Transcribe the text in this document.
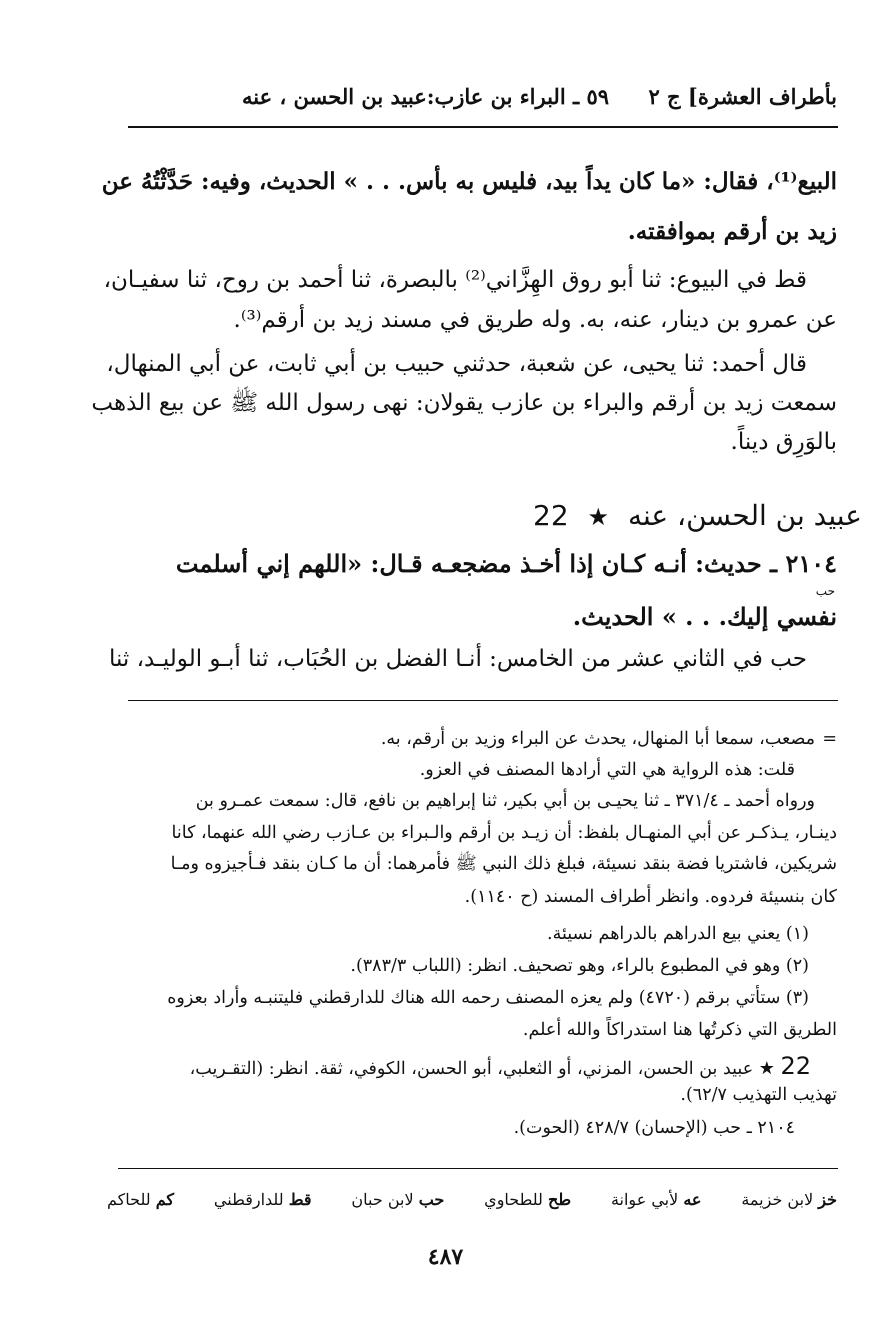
بأطراف العشرة] ج ٢
٥٩ ـ البراء بن عازب:عبيد بن الحسن ، عنه
البيع⁽¹⁾، فقال: «ما كان يداً بيد، فليس به بأس. . . » الحديث، وفيه: حَدَّثْتُهُ عن
زيد بن أرقم بموافقته.
قط في البيوع: ثنا أبو روق الهِزَّاني⁽²⁾ بالبصرة، ثنا أحمد بن روح، ثنا سفيـان،
عن عمرو بن دينار، عنه، به. وله طريق في مسند زيد بن أرقم⁽³⁾.
قال أحمد: ثنا يحيى، عن شعبة، حدثني حبيب بن أبي ثابت، عن أبي المنهال،
سمعت زيد بن أرقم والبراء بن عازب يقولان: نهى رسول الله ﷺ عن بيع الذهب
بالوَرِق ديناً.
عبيد بن الحسن، عنه ★ 22
٢١٠٤ ـ حديث: أنـه كـان إذا أخـذ مضجعـه قـال: «اللهم إني أسلمت
حب
نفسي إليك. . . » الحديث.
حب في الثاني عشر من الخامس: أنـا الفضل بن الحُبَاب، ثنا أبـو الوليـد، ثنا
=
مصعب، سمعا أبا المنهال، يحدث عن البراء وزيد بن أرقم، به.
قلت: هذه الرواية هي التي أرادها المصنف في العزو.
ورواه أحمد ـ ٣٧١/٤ ـ ثنا يحيـى بن أبي بكير، ثنا إبراهيم بن نافع، قال: سمعت عمـرو بن
دينـار، يـذكـر عن أبي المنهـال بلفظ: أن زيـد بن أرقم والـبراء بن عـازب رضي الله عنهما، كانا
شريكين، فاشتريا فضة بنقد نسيئة، فبلغ ذلك النبي ﷺ فأمرهما: أن ما كـان بنقد فـأجيزوه ومـا
كان بنسيئة فردوه. وانظر أطراف المسند (ح ١١٤٠).
(١) يعني بيع الدراهم بالدراهم نسيئة.
(٢) وهو في المطبوع بالراء، وهو تصحيف. انظر: (اللباب ٣٨٣/٣).
(٣) ستأتي برقم (٤٧٢٠) ولم يعزه المصنف رحمه الله هناك للدارقطني فليتنبـه وأراد بعزوه
الطريق التي ذكرتُها هنا استدراكاً والله أعلم.
22 ★ عبيد بن الحسن، المزني، أو الثعلبي، أبو الحسن، الكوفي، ثقة. انظر: (التقـريب،
تهذيب التهذيب ٦٢/٧).
٢١٠٤ ـ حب (الإحسان) ٤٢٨/٧ (الحوت).
خز لابن خزيمة
عه لأبي عوانة
طح للطحاوي
حب لابن حبان
قط للدارقطني
كم للحاكم
٤٨٧
